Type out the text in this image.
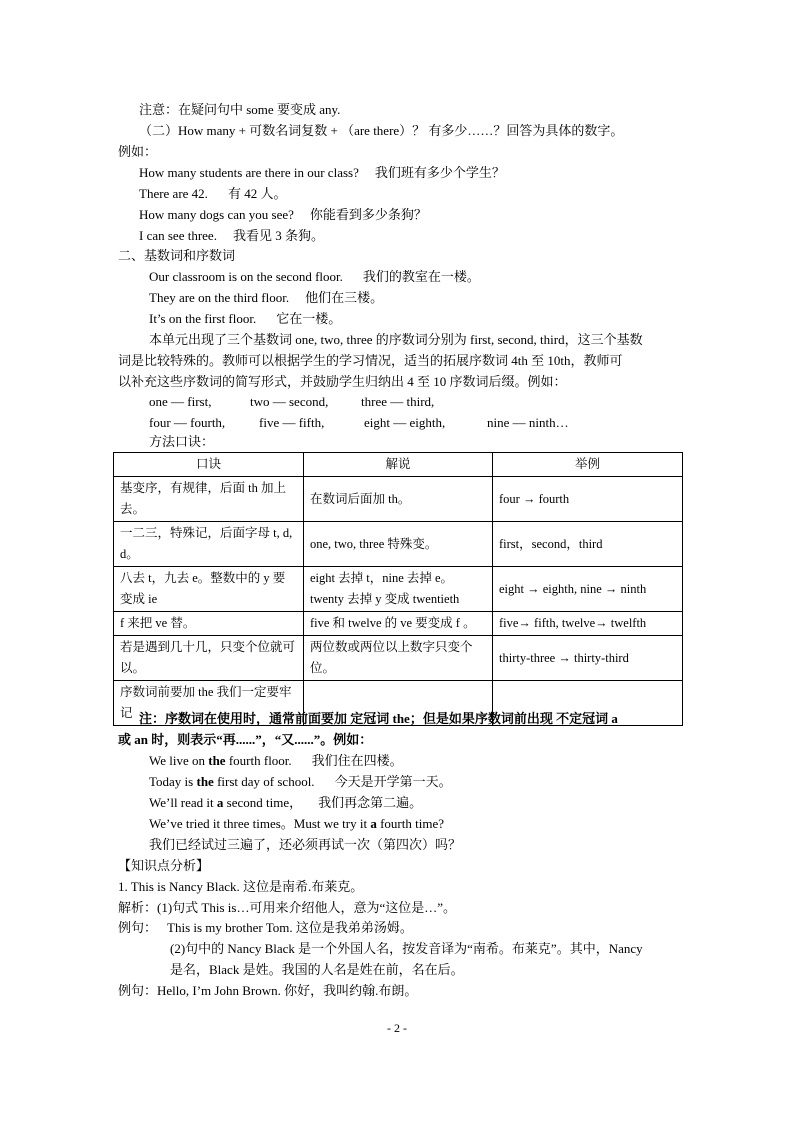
注意：在疑问句中 some 要变成 any.
（二）How many + 可数名词复数 + （are there）？ 有多少……？回答为具体的数字。
例如：
How many students are there in our class? 我们班有多少个学生？
There are 42. 有 42 人。
How many dogs can you see? 你能看到多少条狗？
I can see three. 我看见 3 条狗。
二、基数词和序数词
Our classroom is on the second floor. 我们的教室在一楼。
They are on the third floor. 他们在三楼。
It’s on the first floor. 它在一楼。
本单元出现了三个基数词 one, two, three 的序数词分别为 first, second, third，这三个基数
词是比较特殊的。教师可以根据学生的学习情况，适当的拓展序数词 4th 至 10th，教师可
以补充这些序数词的简写形式，并鼓励学生归纳出 4 至 10 序数词后缀。例如：
one — first,	two — second,	three — third,
four — fourth,	five — fifth,	eight — eighth,	nine — ninth…
方法口诀：
口诀	解说	举例
基变序，有规律，后面 th 加上去。	在数词后面加 th。	four → fourth
一二三，特殊记，后面字母 t, d, d。	one, two, three 特殊变。	first，second，third
八去 t，九去 e。整数中的 y 要变成 ie	eight 去掉 t，nine 去掉 e。twenty 去掉 y 变成 twentieth	eight → eighth, nine → ninth
f 来把 ve 替。	five 和 twelve 的 ve 要变成 f 。	five→ fifth, twelve→ twelfth
若是遇到几十几，只变个位就可以。	两位数或两位以上数字只变个位。	thirty-three → thirty-third
序数词前要加 the 我们一定要牢记		注：序数词在使用时，通常前面要加 定冠词 the；但是如果序数词前出现 不定冠词 a
或 an 时，则表示“再......”，“又......”。例如：
We live on the fourth floor. 我们住在四楼。
Today is the first day of school. 今天是开学第一天。
We’ll read it a second time， 我们再念第二遍。
We’ve tried it three times。Must we try it a fourth time?
我们已经试过三遍了，还必须再试一次（第四次）吗？
【知识点分析】
1. This is Nancy Black. 这位是南希.布莱克。
解析：(1)句式 This is…可用来介绍他人，意为“这位是…”。
例句： This is my brother Tom. 这位是我弟弟汤姆。
(2)句中的 Nancy Black 是一个外国人名，按发音译为“南希。布莱克”。其中，Nancy
是名，Black 是姓。我国的人名是姓在前，名在后。
例句：Hello, I’m John Brown. 你好，我叫约翰.布朗。
- 2 -
